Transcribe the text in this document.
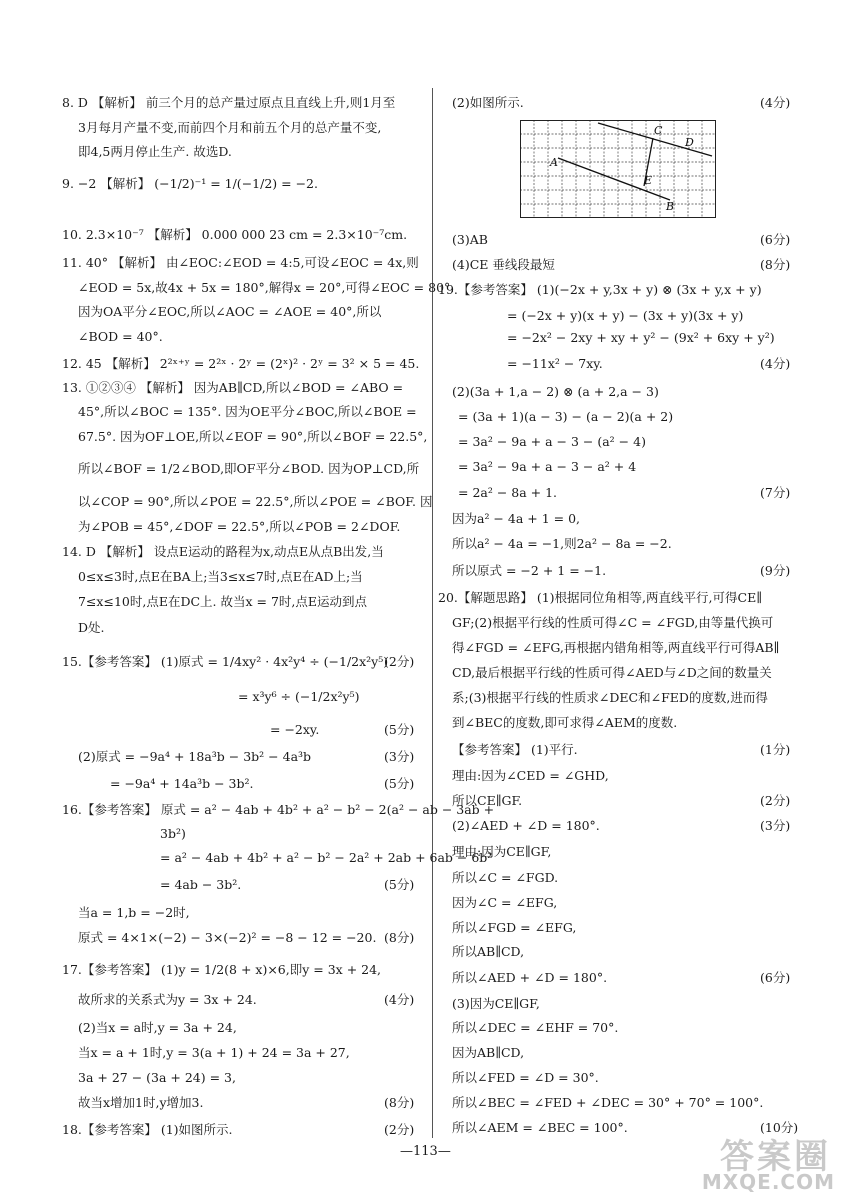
8. D 【解析】 前三个月的总产量过原点且直线上升,则1月至
3月每月产量不变,而前四个月和前五个月的总产量不变,
即4,5两月停止生产. 故选D.
9. −2 【解析】 (−1/2)⁻¹ = 1/(−1/2) = −2.
10. 2.3×10⁻⁷ 【解析】 0.000 000 23 cm = 2.3×10⁻⁷cm.
11. 40° 【解析】 由∠EOC:∠EOD = 4:5,可设∠EOC = 4x,则
∠EOD = 5x,故4x + 5x = 180°,解得x = 20°,可得∠EOC = 80°.
因为OA平分∠EOC,所以∠AOC = ∠AOE = 40°,所以
∠BOD = 40°.
12. 45 【解析】 2²ˣ⁺ʸ = 2²ˣ · 2ʸ = (2ˣ)² · 2ʸ = 3² × 5 = 45.
13. ①②③④ 【解析】 因为AB∥CD,所以∠BOD = ∠ABO =
45°,所以∠BOC = 135°. 因为OE平分∠BOC,所以∠BOE =
67.5°. 因为OF⊥OE,所以∠EOF = 90°,所以∠BOF = 22.5°,
所以∠BOF = 1/2∠BOD,即OF平分∠BOD. 因为OP⊥CD,所
以∠COP = 90°,所以∠POE = 22.5°,所以∠POE = ∠BOF. 因
为∠POB = 45°,∠DOF = 22.5°,所以∠POB = 2∠DOF.
14. D 【解析】 设点E运动的路程为x,动点E从点B出发,当
0≤x≤3时,点E在BA上;当3≤x≤7时,点E在AD上;当
7≤x≤10时,点E在DC上. 故当x = 7时,点E运动到点
D处.
15.【参考答案】 (1)原式 = 1/4xy² · 4x²y⁴ ÷ (−1/2x²y⁵)
(2分)
= x³y⁶ ÷ (−1/2x²y⁵)
= −2xy.	(5分)
(2)原式 = −9a⁴ + 18a³b − 3b² − 4a³b	(3分)
= −9a⁴ + 14a³b − 3b².	(5分)
16.【参考答案】 原式 = a² − 4ab + 4b² + a² − b² − 2(a² − ab − 3ab +
3b²)
= a² − 4ab + 4b² + a² − b² − 2a² + 2ab + 6ab − 6b²
= 4ab − 3b².	(5分)
当a = 1,b = −2时,
原式 = 4×1×(−2) − 3×(−2)² = −8 − 12 = −20. (8分)
17.【参考答案】 (1)y = 1/2(8 + x)×6,即y = 3x + 24,
故所求的关系式为y = 3x + 24.	(4分)
(2)当x = a时,y = 3a + 24,
当x = a + 1时,y = 3(a + 1) + 24 = 3a + 27,
3a + 27 − (3a + 24) = 3,
故当x增加1时,y增加3.	(8分)
18.【参考答案】 (1)如图所示.	(2分)
(2)如图所示.	(4分)
(3)AB	(6分)
(4)CE 垂线段最短	(8分)
19.【参考答案】 (1)(−2x + y,3x + y) ⊗ (3x + y,x + y)
= (−2x + y)(x + y) − (3x + y)(3x + y)
= −2x² − 2xy + xy + y² − (9x² + 6xy + y²)
= −11x² − 7xy.	(4分)
(2)(3a + 1,a − 2) ⊗ (a + 2,a − 3)
= (3a + 1)(a − 3) − (a − 2)(a + 2)
= 3a² − 9a + a − 3 − (a² − 4)
= 3a² − 9a + a − 3 − a² + 4
= 2a² − 8a + 1.	(7分)
因为a² − 4a + 1 = 0,
所以a² − 4a = −1,则2a² − 8a = −2.
所以原式 = −2 + 1 = −1.	(9分)
20.【解题思路】 (1)根据同位角相等,两直线平行,可得CE∥
GF;(2)根据平行线的性质可得∠C = ∠FGD,由等量代换可
得∠FGD = ∠EFG,再根据内错角相等,两直线平行可得AB∥
CD,最后根据平行线的性质可得∠AED与∠D之间的数量关
系;(3)根据平行线的性质求∠DEC和∠FED的度数,进而得
到∠BEC的度数,即可求得∠AEM的度数.
【参考答案】 (1)平行.	(1分)
理由:因为∠CED = ∠GHD,
所以CE∥GF.	(2分)
(2)∠AED + ∠D = 180°.	(3分)
理由:因为CE∥GF,
所以∠C = ∠FGD.
因为∠C = ∠EFG,
所以∠FGD = ∠EFG,
所以AB∥CD,
所以∠AED + ∠D = 180°.	(6分)
(3)因为CE∥GF,
所以∠DEC = ∠EHF = 70°.
因为AB∥CD,
所以∠FED = ∠D = 30°.
所以∠BEC = ∠FED + ∠DEC = 30° + 70° = 100°.
所以∠AEM = ∠BEC = 100°.	(10分)
C
D
A
E
B
—113—	答案圈
MXQE.COM
